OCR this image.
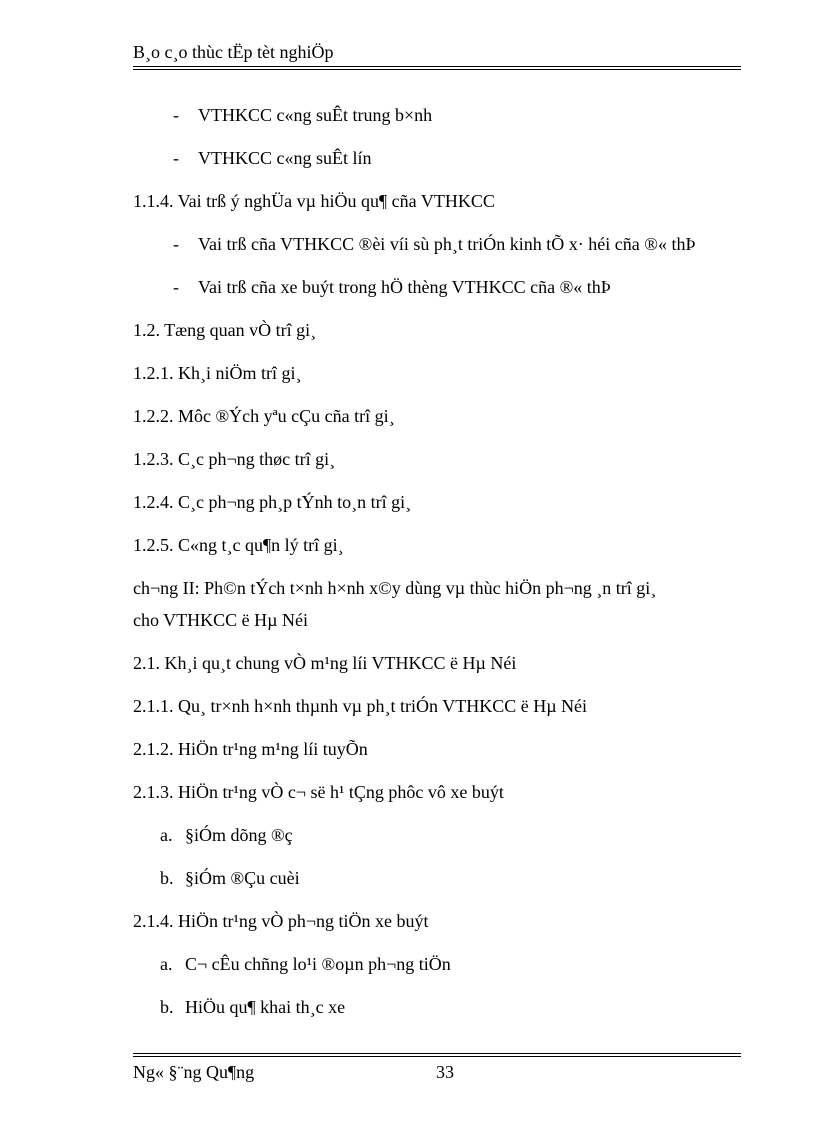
B¸o c¸o thùc tËp tèt nghiÖp
- VTHKCC c«ng suÊt trung b×nh
- VTHKCC c«ng suÊt lín
1.1.4. Vai trß ý nghÜa vµ hiÖu qu¶ cña VTHKCC
- Vai trß cña VTHKCC ®èi víi sù ph¸t triÓn kinh tÕ x· héi cña ®« thÞ
- Vai trß cña xe buýt trong hÖ thèng VTHKCC cña ®« thÞ
1.2. Tæng quan vÒ trî gi¸
1.2.1. Kh¸i niÖm trî gi¸
1.2.2. Môc ®Ých yªu cÇu cña trî gi¸
1.2.3. C¸c ph¬ng thøc trî gi¸
1.2.4. C¸c ph¬ng ph¸p tÝnh to¸n trî gi¸
1.2.5. C«ng t¸c qu¶n lý trî gi¸
ch¬ng II: Ph©n tÝch t×nh h×nh x©y dùng vµ thùc hiÖn ph¬ng ¸n trî gi¸
cho VTHKCC ë Hµ Néi
2.1. Kh¸i qu¸t chung vÒ m¹ng líi VTHKCC ë Hµ Néi
2.1.1. Qu¸ tr×nh h×nh thµnh vµ ph¸t triÓn VTHKCC ë Hµ Néi
2.1.2. HiÖn tr¹ng m¹ng líi tuyÕn
2.1.3. HiÖn tr¹ng vÒ c¬ së h¹ tÇng phôc vô xe buýt
a. §iÓm dõng ®ç
b. §iÓm ®Çu cuèi
2.1.4. HiÖn tr¹ng vÒ ph¬ng tiÖn xe buýt
a. C¬ cÊu chñng lo¹i ®oµn ph¬ng tiÖn
b. HiÖu qu¶ khai th¸c xe
Ng« §¨ng Qu¶ng	33
